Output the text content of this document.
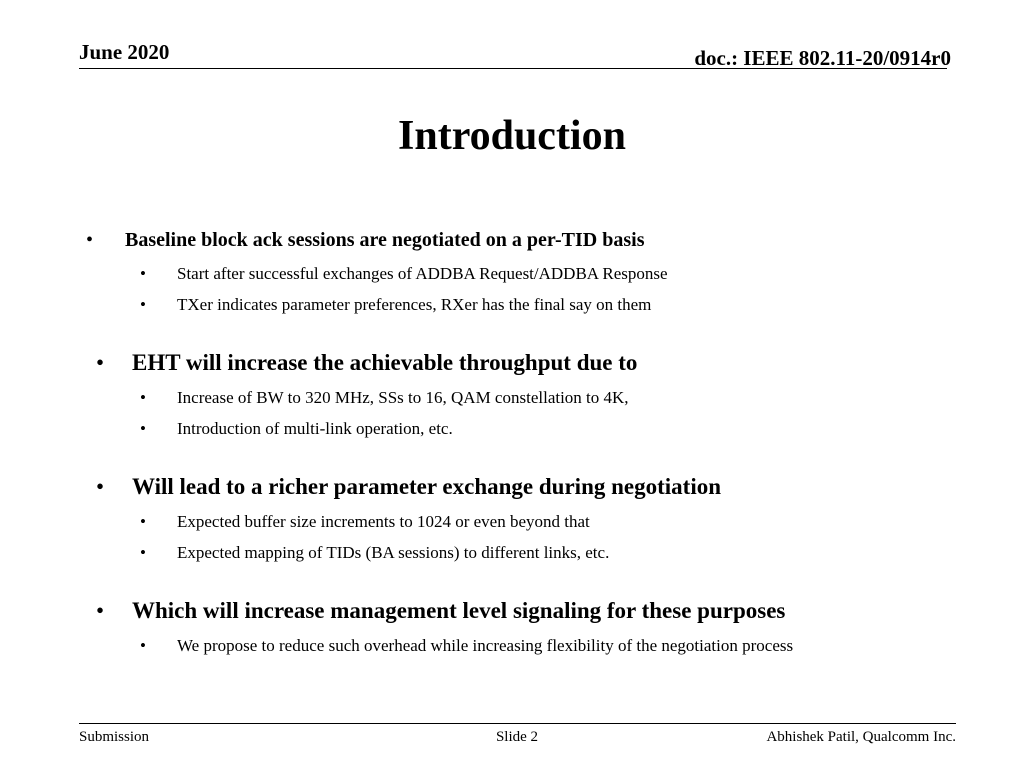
June 2020	doc.: IEEE 802.11-20/0914r0
Introduction
• Baseline block ack sessions are negotiated on a per-TID basis
• Start after successful exchanges of ADDBA Request/ADDBA Response
• TXer indicates parameter preferences, RXer has the final say on them
• EHT will increase the achievable throughput due to
• Increase of BW to 320 MHz, SSs to 16, QAM constellation to 4K,
• Introduction of multi-link operation, etc.
• Will lead to a richer parameter exchange during negotiation
• Expected buffer size increments to 1024 or even beyond that
• Expected mapping of TIDs (BA sessions) to different links, etc.
• Which will increase management level signaling for these purposes
• We propose to reduce such overhead while increasing flexibility of the negotiation process
Submission	Slide 2	Abhishek Patil, Qualcomm Inc.
